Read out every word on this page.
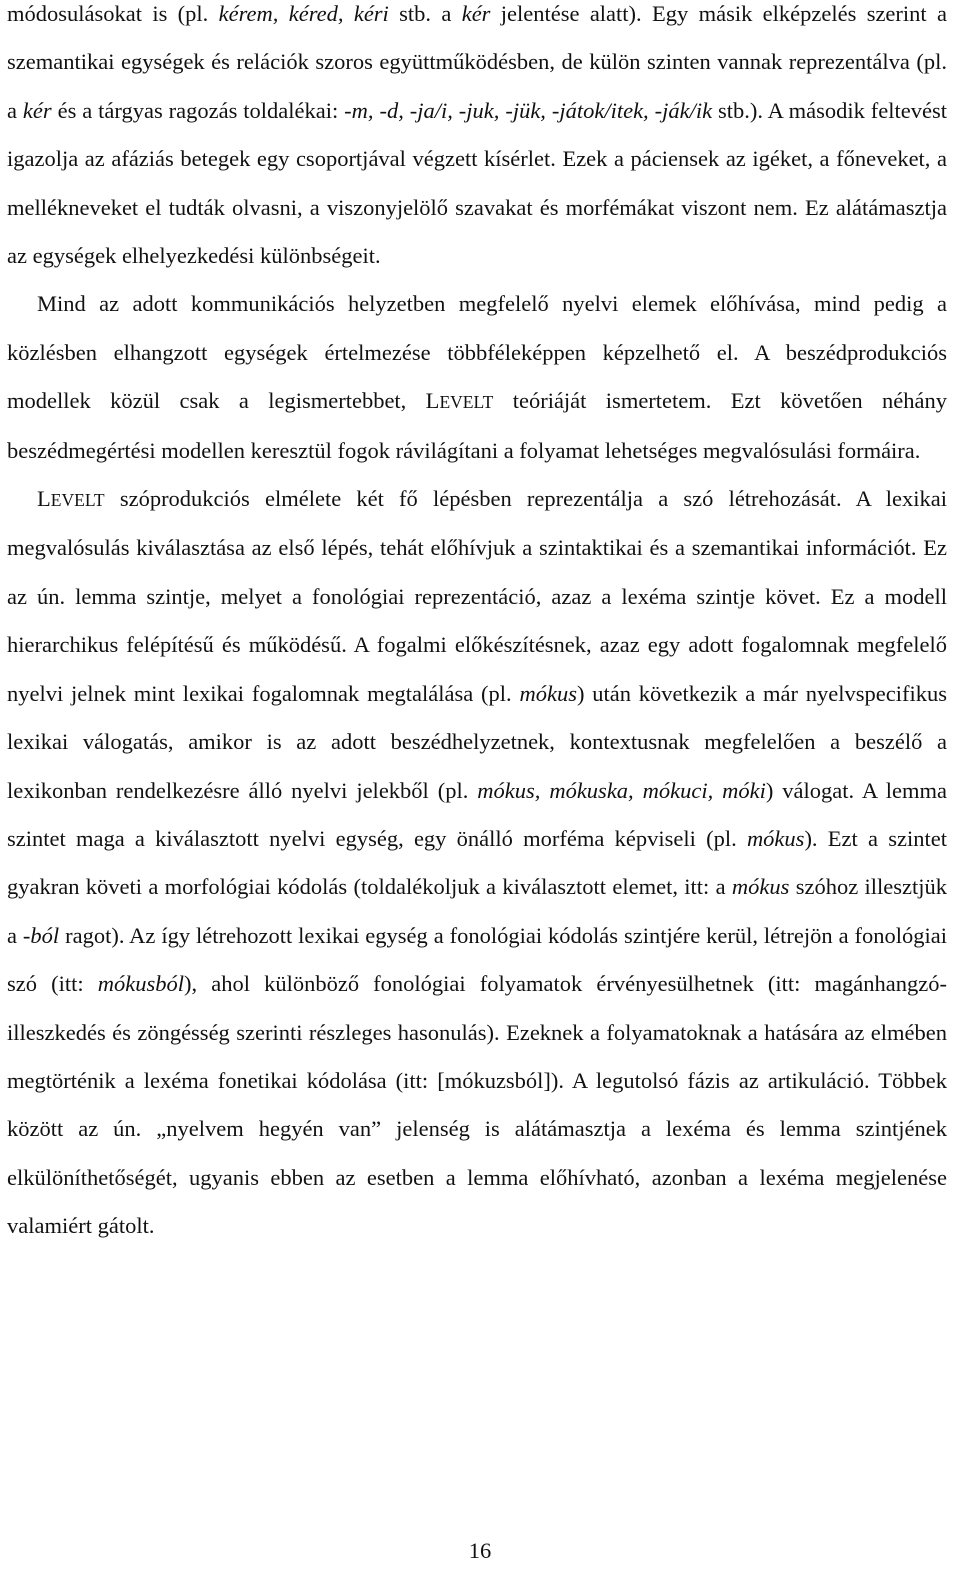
módosulásokat is (pl. kérem, kéred, kéri stb. a kér jelentése alatt). Egy másik elképzelés szerint a szemantikai egységek és relációk szoros együttműködésben, de külön szinten vannak reprezentálva (pl. a kér és a tárgyas ragozás toldalékai: -m, -d, -ja/i, -juk, -jük, -játok/itek, -ják/ik stb.). A második feltevést igazolja az afáziás betegek egy csoportjával végzett kísérlet. Ezek a páciensek az igéket, a főneveket, a mellékneveket el tudták olvasni, a viszonyjelölő szavakat és morfémákat viszont nem. Ez alátámasztja az egységek elhelyezkedési különbségeit.

Mind az adott kommunikációs helyzetben megfelelő nyelvi elemek előhívása, mind pedig a közlésben elhangzott egységek értelmezése többféleképpen képzelhető el. A beszédprodukciós modellek közül csak a legismertebbet, LEVELT teóriáját ismertetem. Ezt követően néhány beszédmegértési modellen keresztül fogok rávilágítani a folyamat lehetséges megvalósulási formáira.

LEVELT szóprodukciós elmélete két fő lépésben reprezentálja a szó létrehozását. A lexikai megvalósulás kiválasztása az első lépés, tehát előhívjuk a szintaktikai és a szemantikai információt. Ez az ún. lemma szintje, melyet a fonológiai reprezentáció, azaz a lexéma szintje követ. Ez a modell hierarchikus felépítésű és működésű. A fogalmi előkészítésnek, azaz egy adott fogalomnak megfelelő nyelvi jelnek mint lexikai fogalomnak megtalálása (pl. mókus) után következik a már nyelvspecifikus lexikai válogatás, amikor is az adott beszédhelyzetnek, kontextusnak megfelelően a beszélő a lexikonban rendelkezésre álló nyelvi jelekből (pl. mókus, mókuska, mókuci, móki) válogat. A lemma szintet maga a kiválasztott nyelvi egység, egy önálló morféma képviseli (pl. mókus). Ezt a szintet gyakran követi a morfológiai kódolás (toldalékoljuk a kiválasztott elemet, itt: a mókus szóhoz illesztjük a -ból ragot). Az így létrehozott lexikai egység a fonológiai kódolás szintjére kerül, létrejön a fonológiai szó (itt: mókusból), ahol különböző fonológiai folyamatok érvényesülhetnek (itt: magánhangzó-illeszkedés és zöngésség szerinti részleges hasonulás). Ezeknek a folyamatoknak a hatására az elmében megtörténik a lexéma fonetikai kódolása (itt: [mókuzsból]). A legutolsó fázis az artikuláció. Többek között az ún. „nyelvem hegyén van” jelenség is alátámasztja a lexéma és lemma szintjének elkülöníthetőségét, ugyanis ebben az esetben a lemma előhívható, azonban a lexéma megjelenése valamiért gátolt.

16
